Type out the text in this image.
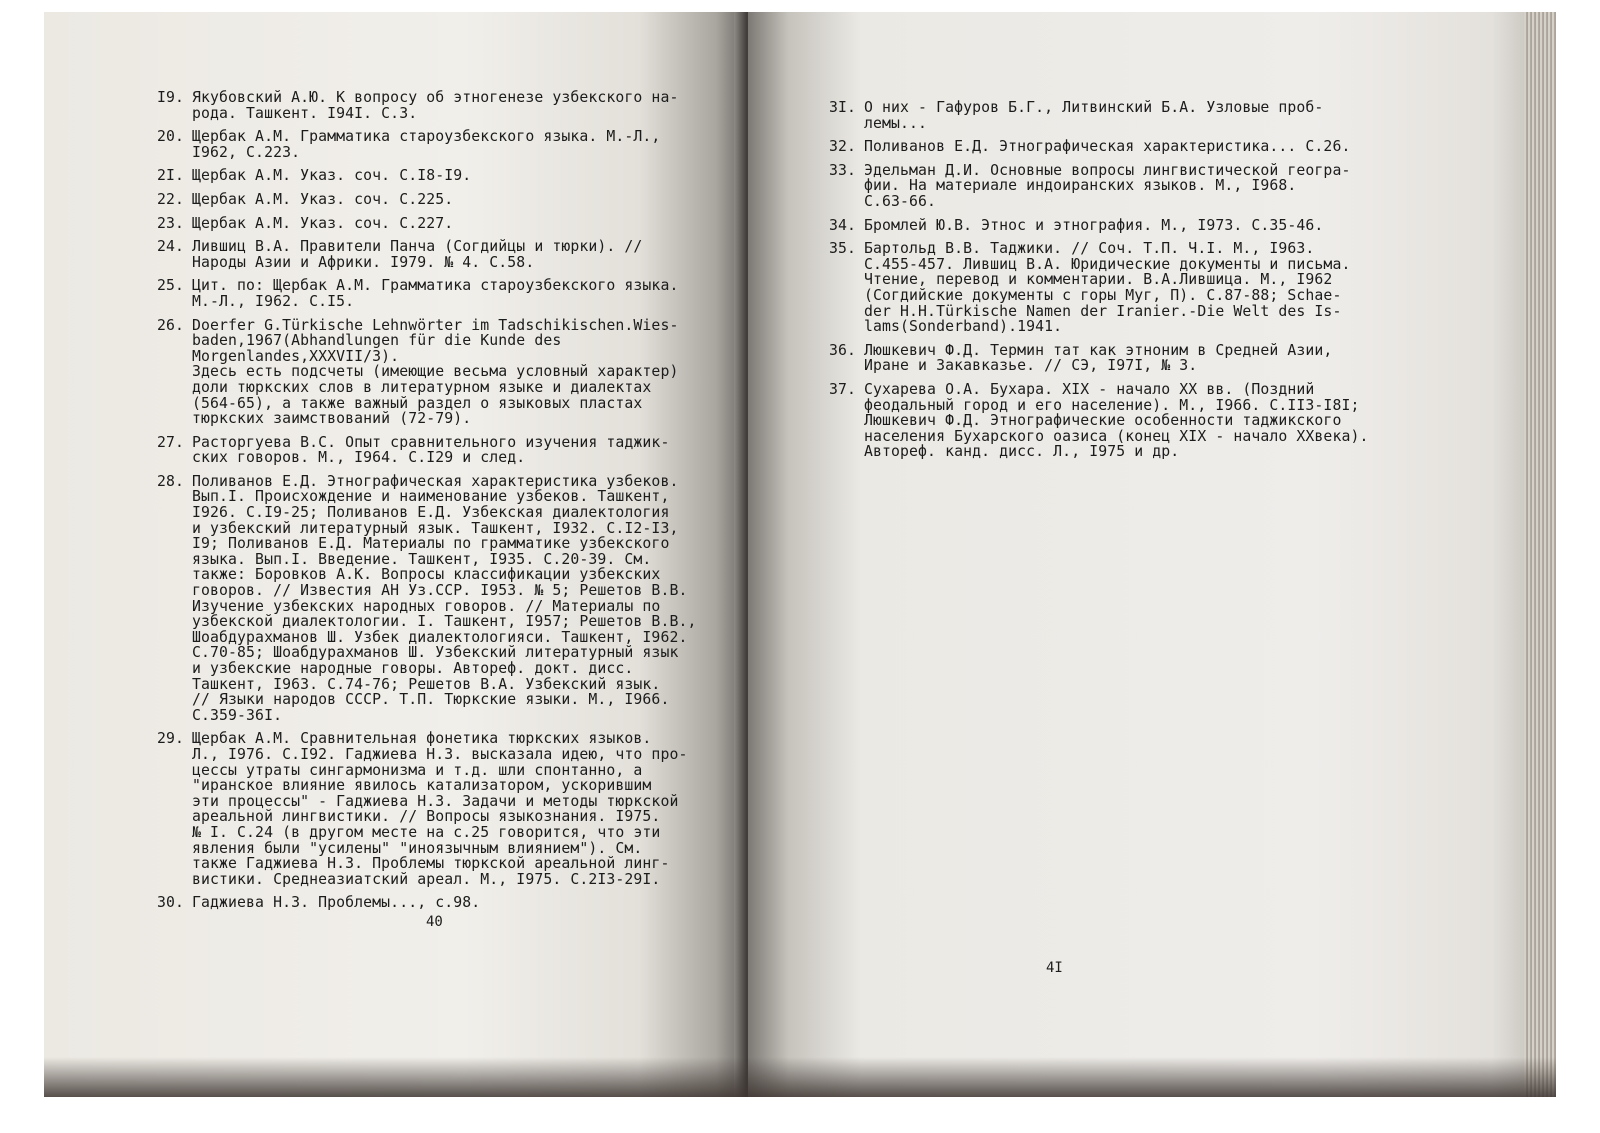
I9. Якубовский А.Ю. К вопросу об этногенезе узбекского на-
рода. Ташкент. I94I. С.3.
20. Щербак А.М. Грамматика староузбекского языка. М.-Л.,
I962, С.223.
2I. Щербак А.М. Указ. соч. С.I8-I9.
22. Щербак А.М. Указ. соч. С.225.
23. Щербак А.М. Указ. соч. С.227.
24. Лившиц В.А. Правители Панча (Согдийцы и тюрки). //
Народы Азии и Африки. I979. № 4. С.58.
25. Цит. по: Щербак А.М. Грамматика староузбекского языка.
М.-Л., I962. С.I5.
26. Doerfer G.Türkische Lehnwörter im Tadschikischen.Wies-
baden,1967(Abhandlungen für die Kunde des Morgenlandes,XXXVII/3).
Здесь есть подсчеты (имеющие весьма условный характер)
доли тюркских слов в литературном языке и диалектах
(564-65), а также важный раздел о языковых пластах
тюркских заимствований (72-79).
27. Расторгуева В.С. Опыт сравнительного изучения таджик-
ских говоров. М., I964. С.I29 и след.
28. Поливанов Е.Д. Этнографическая характеристика узбеков.
Вып.I. Происхождение и наименование узбеков. Ташкент,
I926. С.I9-25; Поливанов Е.Д. Узбекская диалектология
и узбекский литературный язык. Ташкент, I932. С.I2-I3,
I9; Поливанов Е.Д. Материалы по грамматике узбекского
языка. Вып.I. Введение. Ташкент, I935. С.20-39. См.
также: Боровков А.К. Вопросы классификации узбекских
говоров. // Известия АН Уз.ССР. I953. № 5; Решетов В.В.
Изучение узбекских народных говоров. // Материалы по
узбекской диалектологии. I. Ташкент, I957; Решетов В.В.,
Шоабдурахманов Ш. Узбек диалектологияси. Ташкент, I962.
С.70-85; Шоабдурахманов Ш. Узбекский литературный язык
и узбекские народные говоры. Автореф. докт. дисс.
Ташкент, I963. С.74-76; Решетов В.А. Узбекский язык.
// Языки народов СССР. Т.П. Тюркские языки. М., I966.
С.359-36I.
29. Щербак А.М. Сравнительная фонетика тюркских языков.
Л., I976. С.I92. Гаджиева Н.З. высказала идею, что про-
цессы утраты сингармонизма и т.д. шли спонтанно, а
"иранское влияние явилось катализатором, ускорившим
эти процессы" - Гаджиева Н.З. Задачи и методы тюркской
ареальной лингвистики. // Вопросы языкознания. I975.
№ I. С.24 (в другом месте на с.25 говорится, что эти
явления были "усилены" "иноязычным влиянием"). См.
также Гаджиева Н.З. Проблемы тюркской ареальной линг-
вистики. Среднеазиатский ареал. М., I975. С.2I3-29I.
30. Гаджиева Н.З. Проблемы..., с.98.
40
3I. О них - Гафуров Б.Г., Литвинский Б.А. Узловые проб-
лемы...
32. Поливанов Е.Д. Этнографическая характеристика... С.26.
33. Эдельман Д.И. Основные вопросы лингвистической геогра-
фии. На материале индоиранских языков. М., I968.
С.63-66.
34. Бромлей Ю.В. Этнос и этнография. М., I973. С.35-46.
35. Бартольд В.В. Таджики. // Соч. Т.П. Ч.I. М., I963.
С.455-457. Лившиц В.А. Юридические документы и письма.
Чтение, перевод и комментарии. В.А.Лившица. М., I962
(Согдийские документы с горы Муг, П). С.87-88; Schae-
der H.H.Türkische Namen der Iranier.-Die Welt des Is-
lams(Sonderband).1941.
36. Люшкевич Ф.Д. Термин тат как этноним в Средней Азии,
Иране и Закавказье. // СЭ, I97I, № 3.
37. Сухарева О.А. Бухара. XIX - начало XX вв. (Поздний
феодальный город и его население). М., I966. С.II3-I8I;
Люшкевич Ф.Д. Этнографические особенности таджикского
населения Бухарского оазиса (конец XIX - начало XXвека).
Автореф. канд. дисс. Л., I975 и др.
4I
